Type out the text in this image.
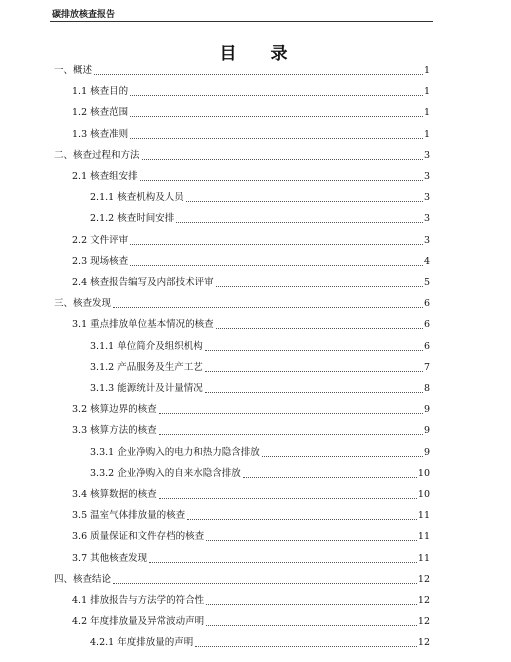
碳排放核查报告
目 录
一、概述	1
1.1 核查目的	1
1.2 核查范围	1
1.3 核查准则	1
二、核查过程和方法	3
2.1 核查组安排	3
2.1.1 核查机构及人员	3
2.1.2 核查时间安排	3
2.2 文件评审	3
2.3 现场核查	4
2.4 核查报告编写及内部技术评审	5
三、核查发现	6
3.1 重点排放单位基本情况的核查	6
3.1.1 单位简介及组织机构	6
3.1.2 产品服务及生产工艺	7
3.1.3 能源统计及计量情况	8
3.2 核算边界的核查	9
3.3 核算方法的核查	9
3.3.1 企业净购入的电力和热力隐含排放	9
3.3.2 企业净购入的自来水隐含排放	10
3.4 核算数据的核查	10
3.5 温室气体排放量的核查	11
3.6 质量保证和文件存档的核查	11
3.7 其他核查发现	11
四、核查结论	12
4.1 排放报告与方法学的符合性	12
4.2 年度排放量及异常波动声明	12
4.2.1 年度排放量的声明	12
